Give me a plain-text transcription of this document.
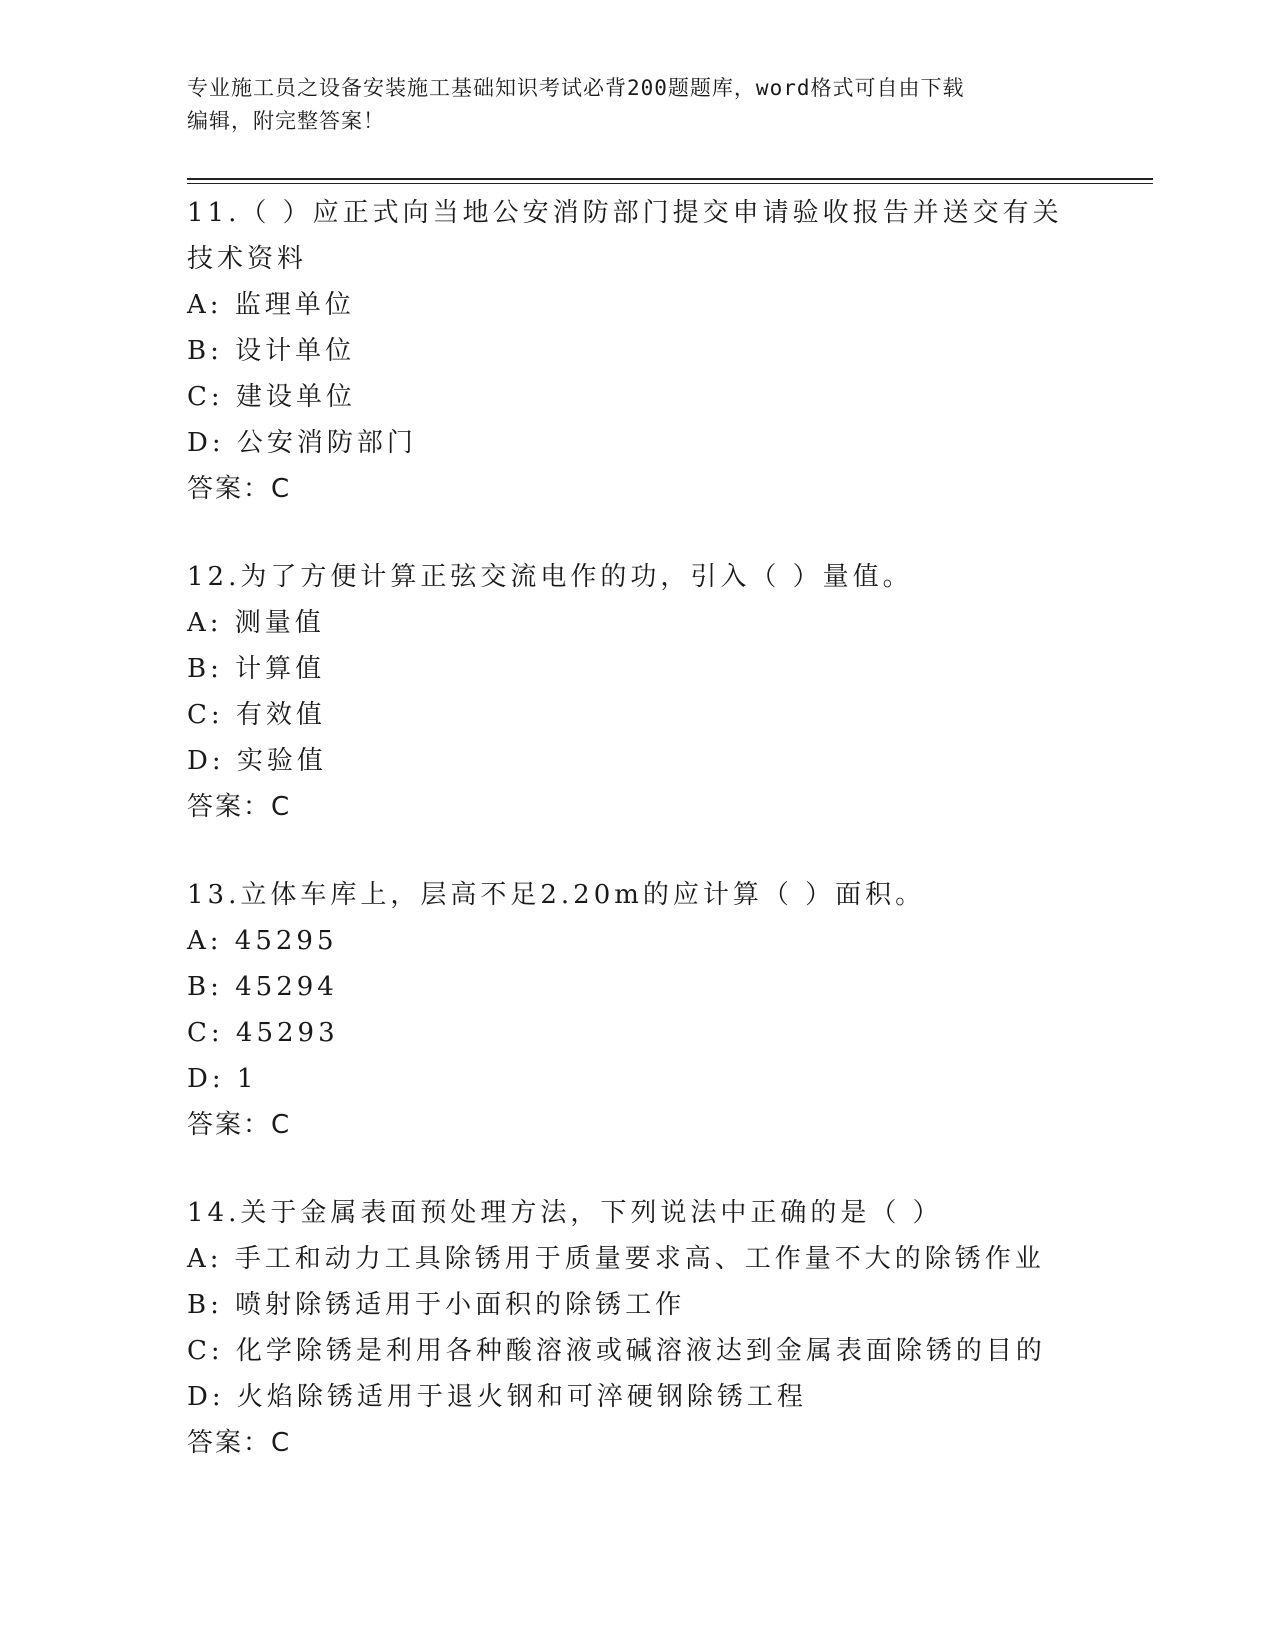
专业施工员之设备安装施工基础知识考试必背200题题库，word格式可自由下载
编辑，附完整答案！
11.（ ）应正式向当地公安消防部门提交申请验收报告并送交有关技术资料
A: 监理单位
B: 设计单位
C: 建设单位
D: 公安消防部门
答案：C
12.为了方便计算正弦交流电作的功，引入（ ）量值。
A: 测量值
B: 计算值
C: 有效值
D: 实验值
答案：C
13.立体车库上，层高不足2.20m的应计算（ ）面积。
A: 45295
B: 45294
C: 45293
D: 1
答案：C
14.关于金属表面预处理方法，下列说法中正确的是（ ）
A: 手工和动力工具除锈用于质量要求高、工作量不大的除锈作业
B: 喷射除锈适用于小面积的除锈工作
C: 化学除锈是利用各种酸溶液或碱溶液达到金属表面除锈的目的
D: 火焰除锈适用于退火钢和可淬硬钢除锈工程
答案：C
